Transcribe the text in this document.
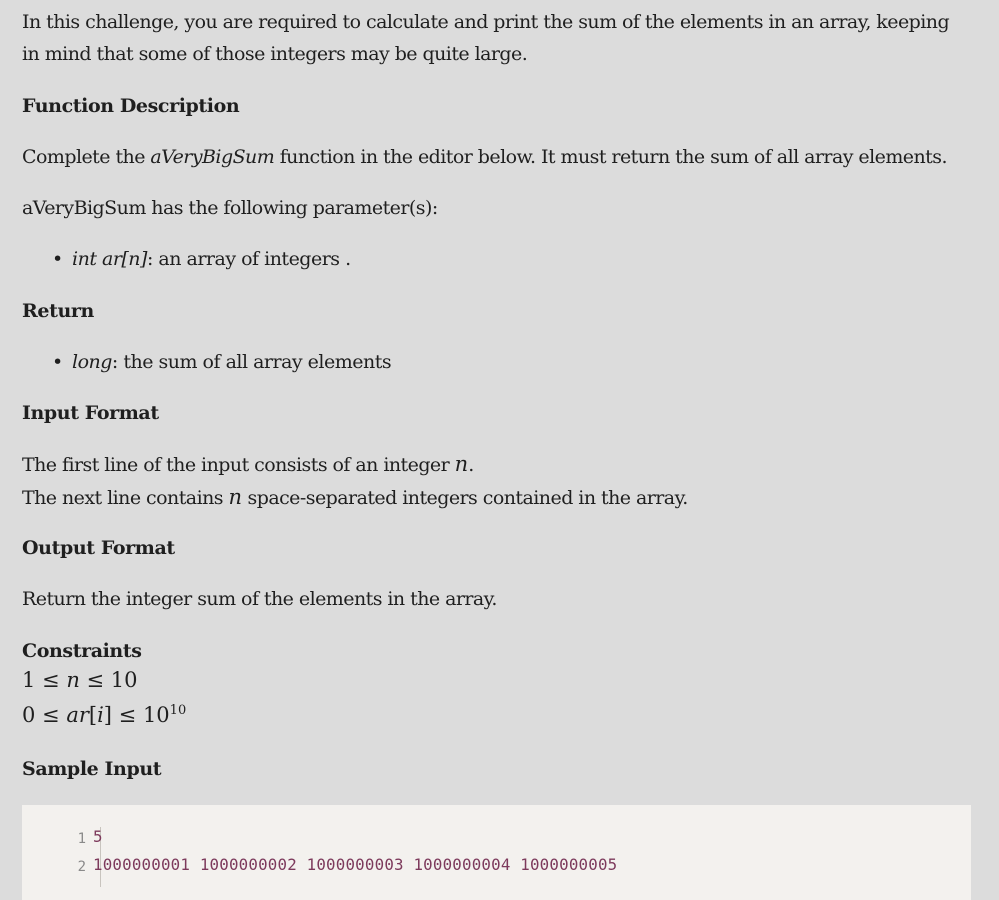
In this challenge, you are required to calculate and print the sum of the elements in an array, keeping
in mind that some of those integers may be quite large.
Function Description
Complete the aVeryBigSum function in the editor below. It must return the sum of all array elements.
aVeryBigSum has the following parameter(s):
• int ar[n]: an array of integers .
Return
• long: the sum of all array elements
Input Format
The first line of the input consists of an integer n.
The next line contains n space-separated integers contained in the array.
Output Format
Return the integer sum of the elements in the array.
Constraints
1 ≤ n ≤ 10
$0 \le ar[i] \le 10^{10}$
Sample Input
1
2
5
1000000001 1000000002 1000000003 1000000004 1000000005
